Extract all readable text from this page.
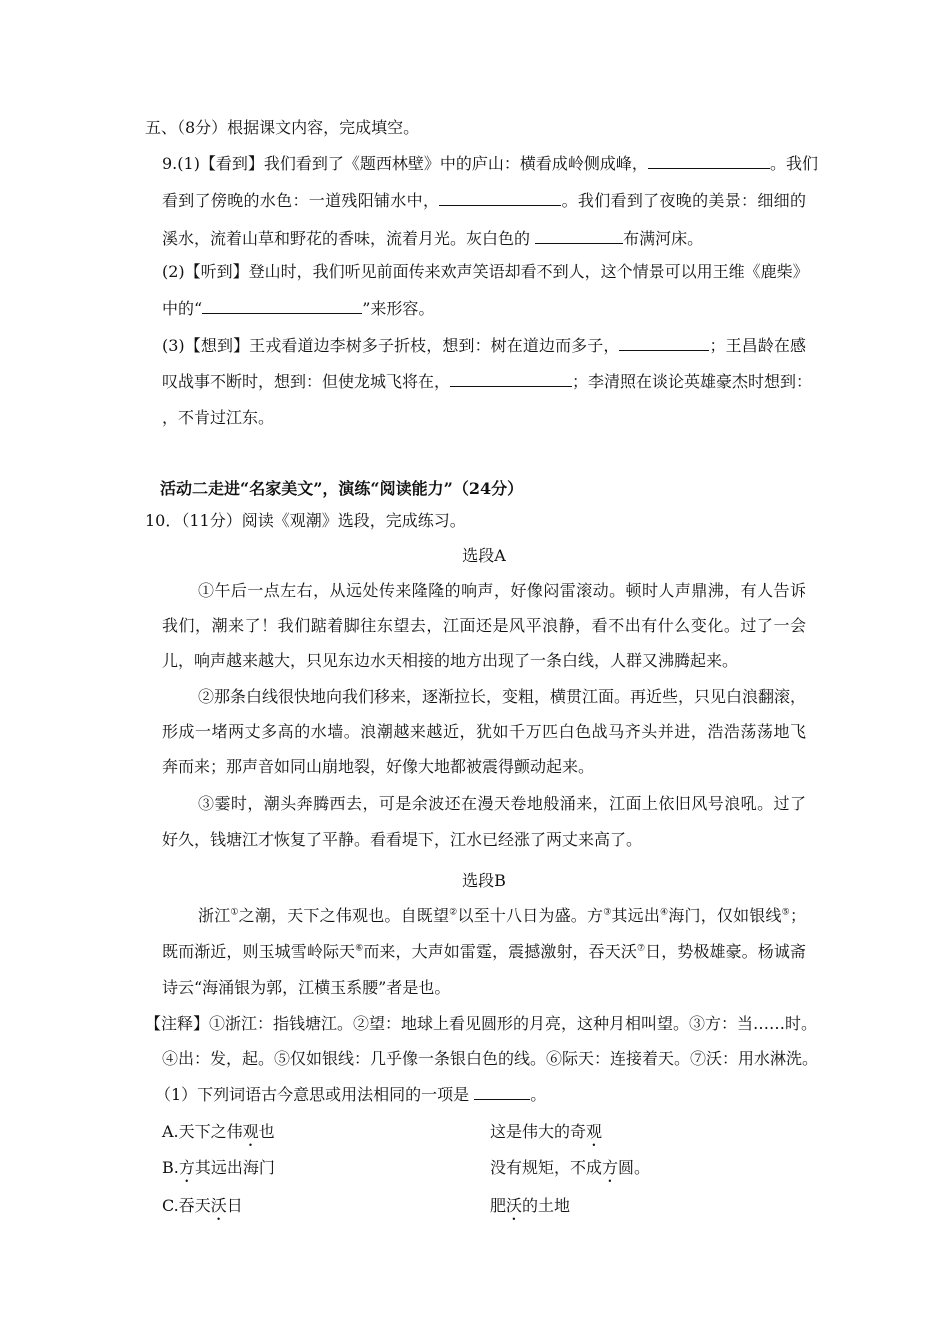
五、（8分）根据课文内容，完成填空。
9.(1)【看到】我们看到了《题西林壁》中的庐山：横看成岭侧成峰，	。我们
看到了傍晚的水色：一道残阳铺水中，	。我们看到了夜晚的美景：细细的
溪水，流着山草和野花的香味，流着月光。灰白色的	布满河床。
(2)【听到】登山时，我们听见前面传来欢声笑语却看不到人，这个情景可以用王维《鹿柴》
中的“	”来形容。
(3)【想到】王戎看道边李树多子折枝，想到：树在道边而多子，	；王昌龄在感
叹战事不断时，想到：但使龙城飞将在，	；李清照在谈论英雄豪杰时想到：
，不肯过江东。
活动二走进“名家美文”，演练“阅读能力”（24分）
10．（11分）阅读《观潮》选段，完成练习。
选段A
①午后一点左右，从远处传来隆隆的响声，好像闷雷滚动。顿时人声鼎沸，有人告诉
我们，潮来了！我们踮着脚往东望去，江面还是风平浪静，看不出有什么变化。过了一会
儿，响声越来越大，只见东边水天相接的地方出现了一条白线，人群又沸腾起来。
②那条白线很快地向我们移来，逐渐拉长，变粗，横贯江面。再近些，只见白浪翻滚，
形成一堵两丈多高的水墙。浪潮越来越近，犹如千万匹白色战马齐头并进，浩浩荡荡地飞
奔而来；那声音如同山崩地裂，好像大地都被震得颤动起来。
③霎时，潮头奔腾西去，可是余波还在漫天卷地般涌来，江面上依旧风号浪吼。过了
好久，钱塘江才恢复了平静。看看堤下，江水已经涨了两丈来高了。
选段B
浙江①之潮，天下之伟观也。自既望②以至十八日为盛。方③其远出④海门，仅如银线⑤；
既而渐近，则玉城雪岭际天⑥而来，大声如雷霆，震撼激射，吞天沃⑦日，势极雄豪。杨诚斋
诗云“海涌银为郭，江横玉系腰”者是也。
【注释】①浙江：指钱塘江。②望：地球上看见圆形的月亮，这种月相叫望。③方：当……时。
④出：发，起。⑤仅如银线：几乎像一条银白色的线。⑥际天：连接着天。⑦沃：用水淋洗。
（1）下列词语古今意思或用法相同的一项是	。
A.天下之伟观也	这是伟大的奇观
B.方其远出海门	没有规矩，不成方圆。
C.吞天沃日	肥沃的土地
